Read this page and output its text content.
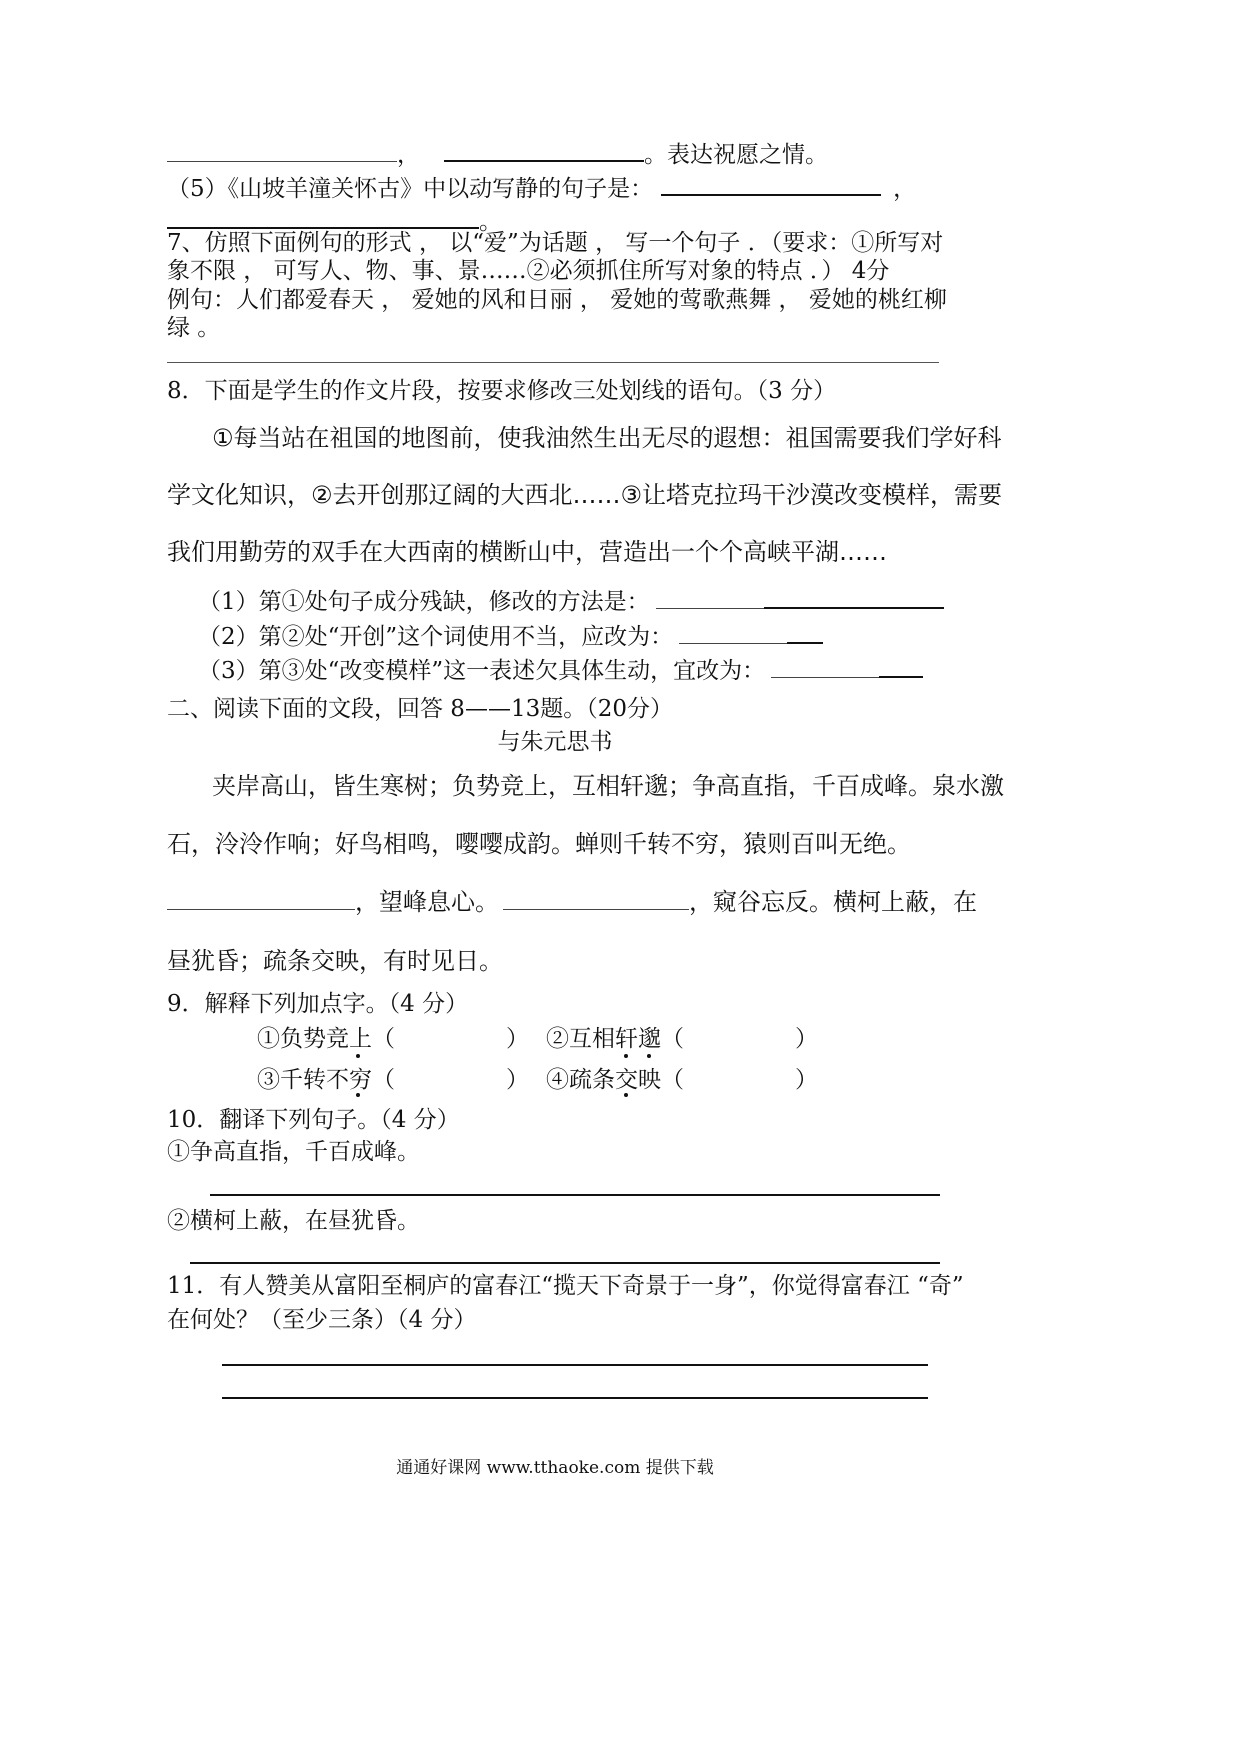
，	。表达祝愿之情。
（5）《山坡羊潼关怀古》中以动写静的句子是：	，
。
7、仿照下面例句的形式 ， 以“爱”为话题 ， 写一个句子 ．（要求：①所写对
象不限 ， 可写人、物、事、景……②必须抓住所写对象的特点 ．） 4分
例句：人们都爱春天 ， 爱她的风和日丽 ， 爱她的莺歌燕舞 ， 爱她的桃红柳
绿 。
8．下面是学生的作文片段，按要求修改三处划线的语句。（3 分）
①每当站在祖国的地图前，使我油然生出无尽的遐想：祖国需要我们学好科
学文化知识，②去开创那辽阔的大西北……③让塔克拉玛干沙漠改变模样，需要
我们用勤劳的双手在大西南的横断山中，营造出一个个高峡平湖……
（1）第①处句子成分残缺，修改的方法是：
（2）第②处“开创”这个词使用不当，应改为：
（3）第③处“改变模样”这一表述欠具体生动，宜改为：
二、阅读下面的文段，回答 8——13题。（20分）
与朱元思书
夹岸高山，皆生寒树；负势竞上，互相轩邈；争高直指，千百成峰。泉水激
石，泠泠作响；好鸟相鸣，嘤嘤成韵。蝉则千转不穷，猿则百叫无绝。
，望峰息心。	，窥谷忘反。横柯上蔽，在
昼犹昏；疏条交映，有时见日。
9．解释下列加点字。（4 分）
①负势竞上（	） ②互相轩邈（	）
③千转不穷（	） ④疏条交映（	）
10．翻译下列句子。（4 分）
①争高直指，千百成峰。
②横柯上蔽，在昼犹昏。
11．有人赞美从富阳至桐庐的富春江“揽天下奇景于一身”，你觉得富春江 “奇”
在何处？（至少三条）（4 分）
通通好课网 www.tthaoke.com 提供下载
